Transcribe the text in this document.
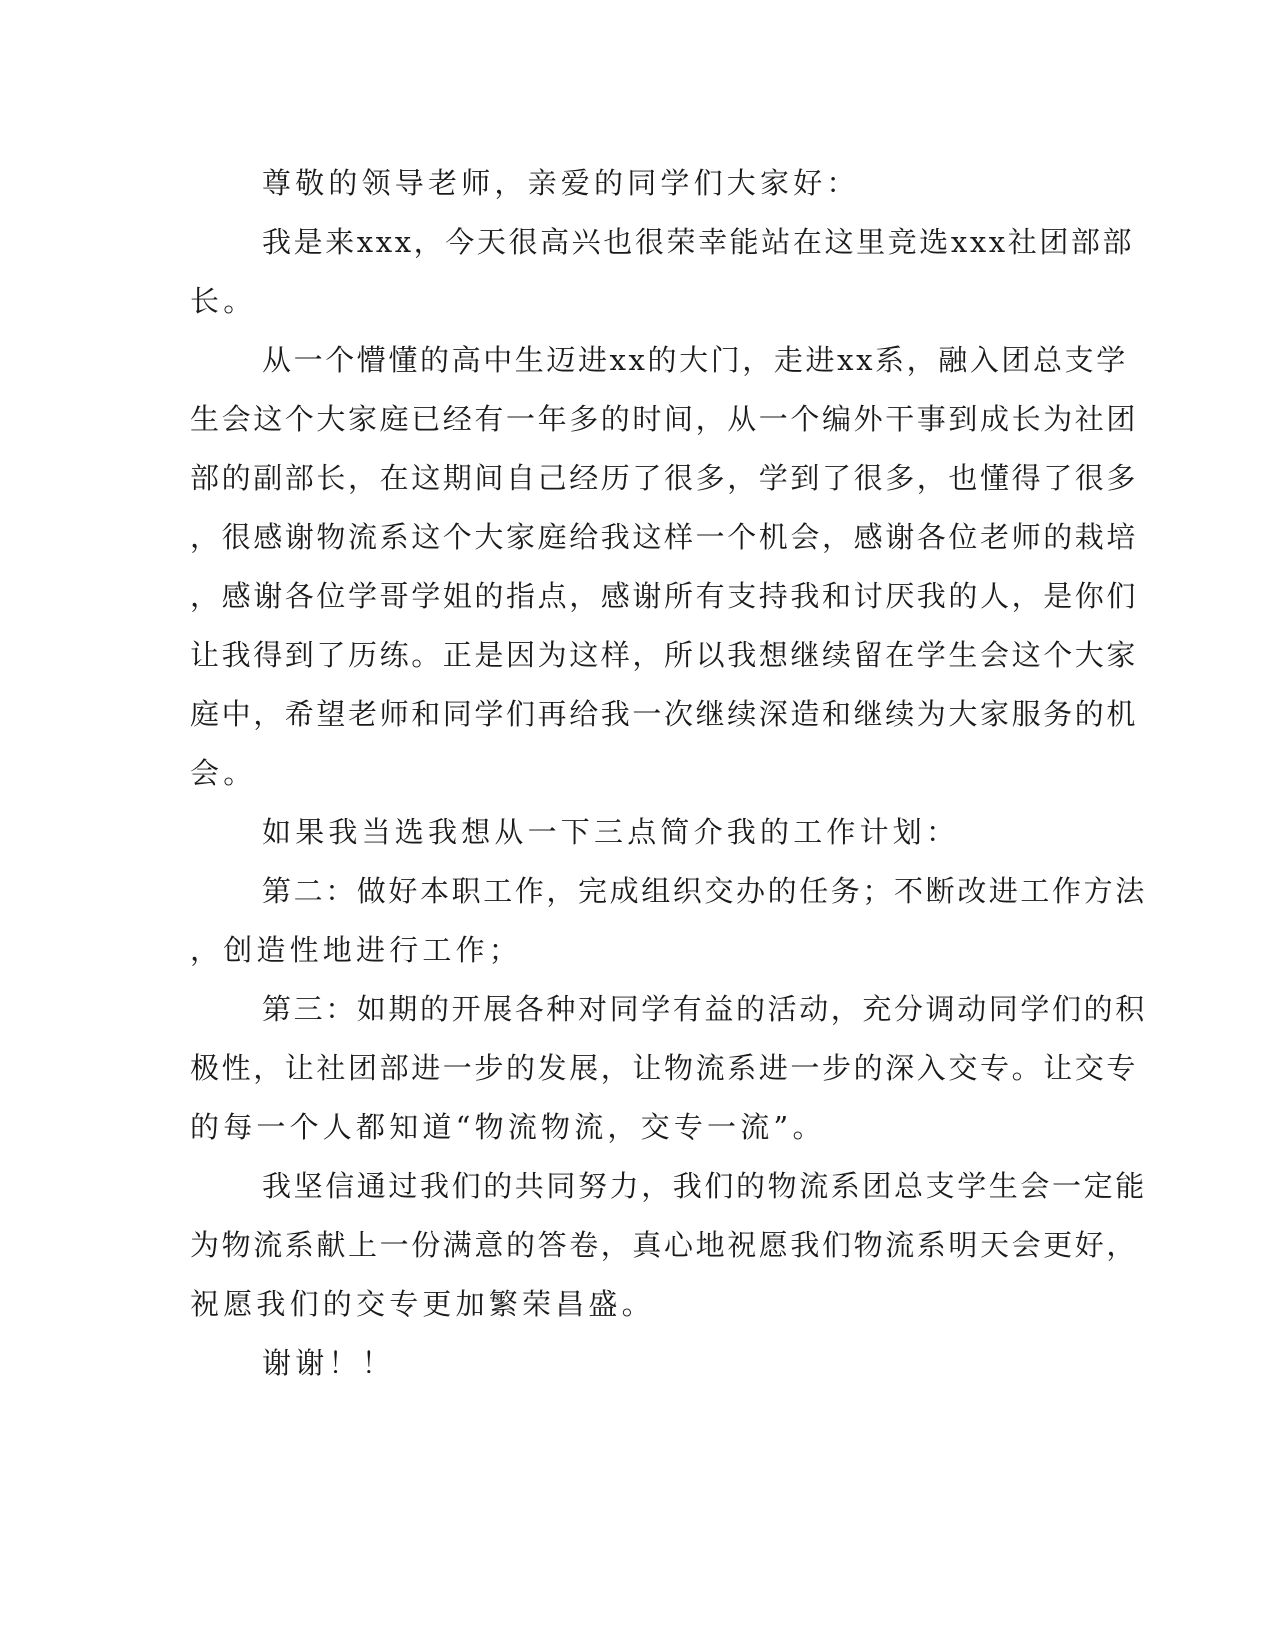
尊敬的领导老师，亲爱的同学们大家好：
我是来xxx，今天很高兴也很荣幸能站在这里竞选xxx社团部部
长。
从一个懵懂的高中生迈进xx的大门，走进xx系，融入团总支学
生会这个大家庭已经有一年多的时间，从一个编外干事到成长为社团
部的副部长，在这期间自己经历了很多，学到了很多，也懂得了很多
，很感谢物流系这个大家庭给我这样一个机会，感谢各位老师的栽培
，感谢各位学哥学姐的指点，感谢所有支持我和讨厌我的人，是你们
让我得到了历练。正是因为这样，所以我想继续留在学生会这个大家
庭中，希望老师和同学们再给我一次继续深造和继续为大家服务的机
会。
如果我当选我想从一下三点简介我的工作计划：
第二：做好本职工作，完成组织交办的任务；不断改进工作方法
，创造性地进行工作；
第三：如期的开展各种对同学有益的活动，充分调动同学们的积
极性，让社团部进一步的发展，让物流系进一步的深入交专。让交专
的每一个人都知道“物流物流，交专一流”。
我坚信通过我们的共同努力，我们的物流系团总支学生会一定能
为物流系献上一份满意的答卷，真心地祝愿我们物流系明天会更好，
祝愿我们的交专更加繁荣昌盛。
谢谢！！
